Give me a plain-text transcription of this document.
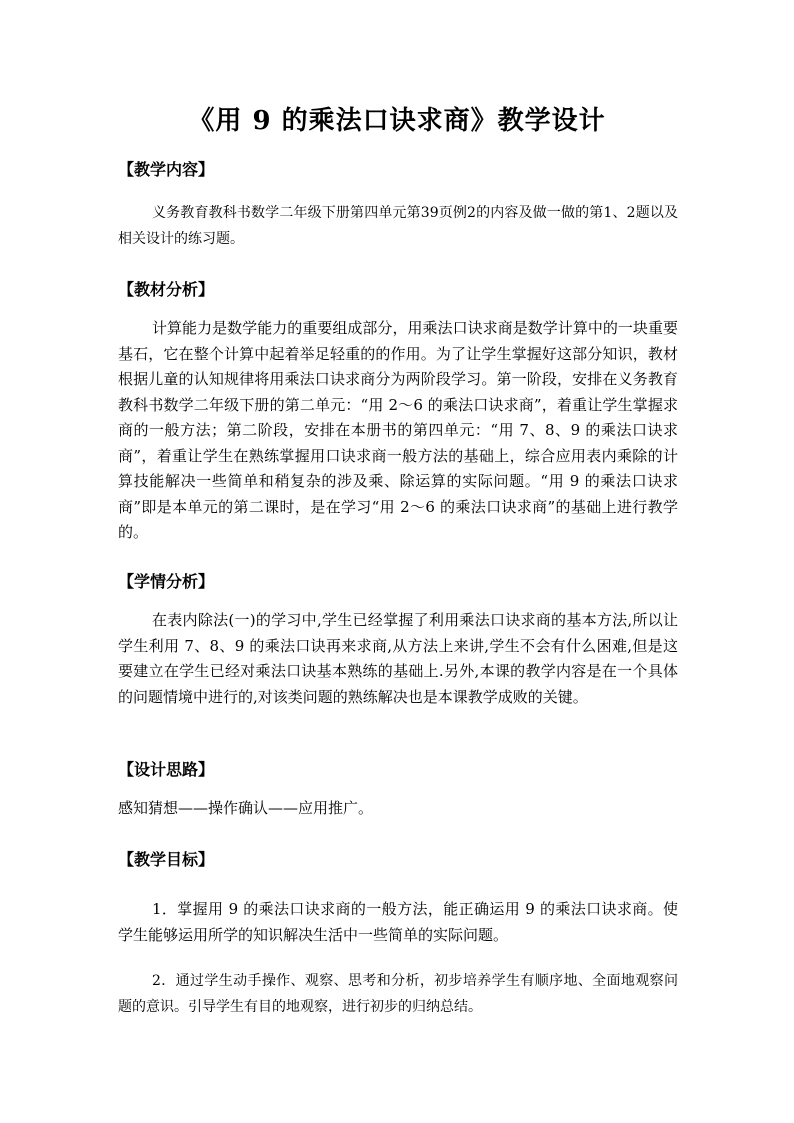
《用 9 的乘法口诀求商》教学设计
【教学内容】
义务教育教科书数学二年级下册第四单元第39页例2的内容及做一做的第1、2题以及相关设计的练习题。
【教材分析】
计算能力是数学能力的重要组成部分，用乘法口诀求商是数学计算中的一块重要基石，它在整个计算中起着举足轻重的的作用。为了让学生掌握好这部分知识，教材根据儿童的认知规律将用乘法口诀求商分为两阶段学习。第一阶段，安排在义务教育教科书数学二年级下册的第二单元：“用 2～6 的乘法口诀求商”，着重让学生掌握求商的一般方法；第二阶段，安排在本册书的第四单元：“用 7、8、9 的乘法口诀求商”，着重让学生在熟练掌握用口诀求商一般方法的基础上，综合应用表内乘除的计算技能解决一些简单和稍复杂的涉及乘、除运算的实际问题。“用 9 的乘法口诀求商”即是本单元的第二课时，是在学习“用 2～6 的乘法口诀求商”的基础上进行教学的。
【学情分析】
在表内除法(一)的学习中,学生已经掌握了利用乘法口诀求商的基本方法,所以让学生利用 7、8、9 的乘法口诀再来求商,从方法上来讲,学生不会有什么困难,但是这要建立在学生已经对乘法口诀基本熟练的基础上.另外,本课的教学内容是在一个具体的问题情境中进行的,对该类问题的熟练解决也是本课教学成败的关键。
【设计思路】
感知猜想——操作确认——应用推广。
【教学目标】
1．掌握用 9 的乘法口诀求商的一般方法，能正确运用 9 的乘法口诀求商。使学生能够运用所学的知识解决生活中一些简单的实际问题。
2．通过学生动手操作、观察、思考和分析，初步培养学生有顺序地、全面地观察问题的意识。引导学生有目的地观察，进行初步的归纳总结。
